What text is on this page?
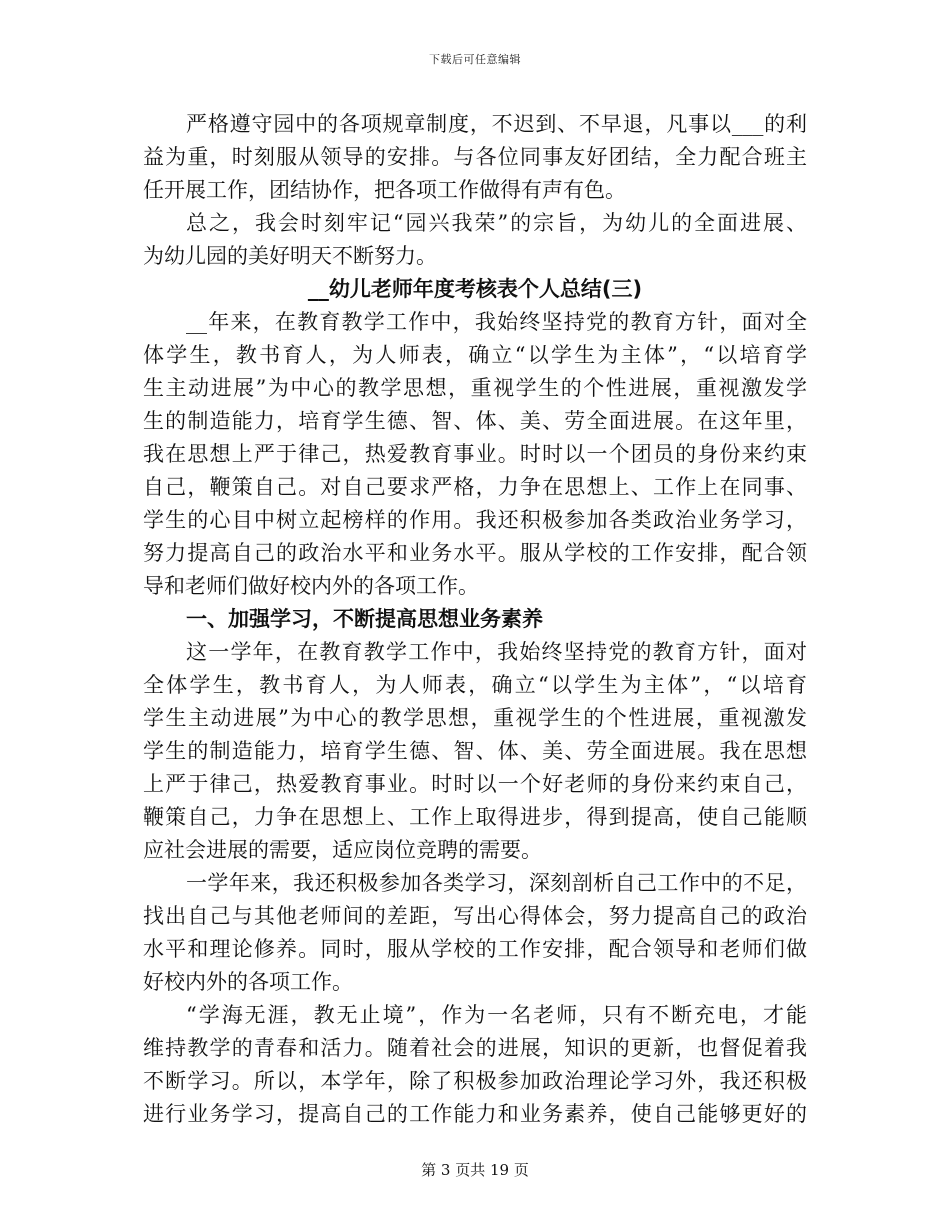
下载后可任意编辑
严格遵守园中的各项规章制度，不迟到、不早退，凡事以___的利
益为重，时刻服从领导的安排。与各位同事友好团结，全力配合班主
任开展工作，团结协作，把各项工作做得有声有色。
总之，我会时刻牢记“园兴我荣”的宗旨，为幼儿的全面进展、
为幼儿园的美好明天不断努力。
__幼儿老师年度考核表个人总结(三)
__年来，在教育教学工作中，我始终坚持党的教育方针，面对全
体学生，教书育人，为人师表，确立“以学生为主体”，“以培育学
生主动进展”为中心的教学思想，重视学生的个性进展，重视激发学
生的制造能力，培育学生德、智、体、美、劳全面进展。在这年里，
我在思想上严于律己，热爱教育事业。时时以一个团员的身份来约束
自己，鞭策自己。对自己要求严格，力争在思想上、工作上在同事、
学生的心目中树立起榜样的作用。我还积极参加各类政治业务学习，
努力提高自己的政治水平和业务水平。服从学校的工作安排，配合领
导和老师们做好校内外的各项工作。
一、加强学习，不断提高思想业务素养
这一学年，在教育教学工作中，我始终坚持党的教育方针，面对
全体学生，教书育人，为人师表，确立“以学生为主体”，“以培育
学生主动进展”为中心的教学思想，重视学生的个性进展，重视激发
学生的制造能力，培育学生德、智、体、美、劳全面进展。我在思想
上严于律己，热爱教育事业。时时以一个好老师的身份来约束自己，
鞭策自己，力争在思想上、工作上取得进步，得到提高，使自己能顺
应社会进展的需要，适应岗位竞聘的需要。
一学年来，我还积极参加各类学习，深刻剖析自己工作中的不足，
找出自己与其他老师间的差距，写出心得体会，努力提高自己的政治
水平和理论修养。同时，服从学校的工作安排，配合领导和老师们做
好校内外的各项工作。
“学海无涯，教无止境”，作为一名老师，只有不断充电，才能
维持教学的青春和活力。随着社会的进展，知识的更新，也督促着我
不断学习。所以，本学年，除了积极参加政治理论学习外，我还积极
进行业务学习，提高自己的工作能力和业务素养，使自己能够更好的
第 3 页共 19 页
